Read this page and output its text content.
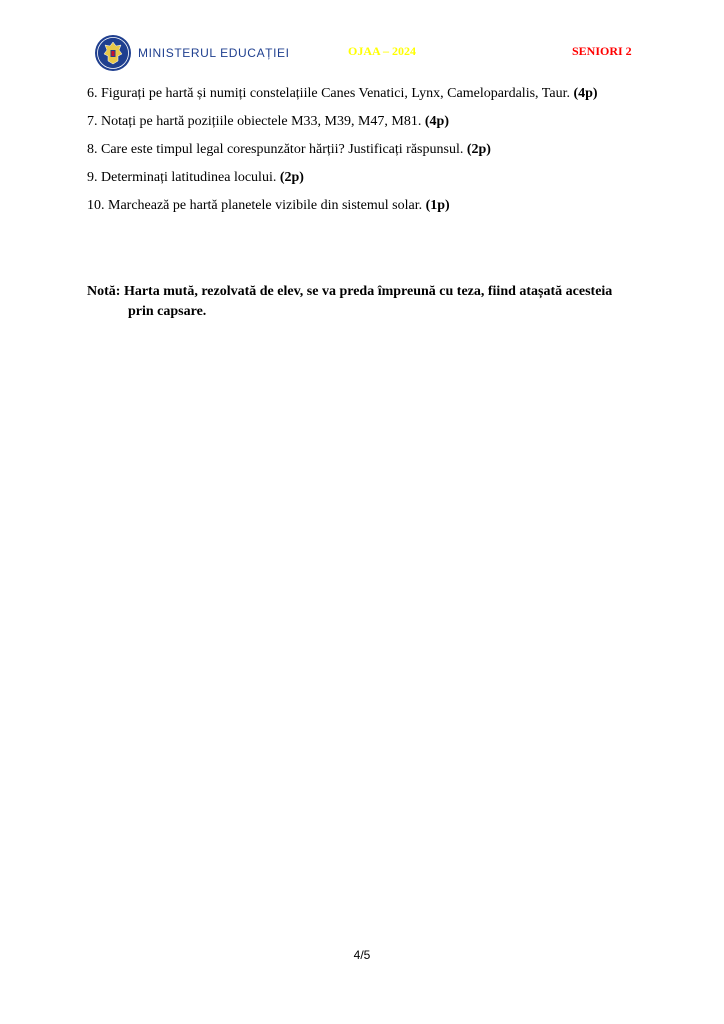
MINISTERUL EDUCAȚIEI	OJAA – 2024	SENIORI 2
6. Figurați pe hartă și numiți constelațiile Canes Venatici, Lynx, Camelopardalis, Taur. (4p)
7. Notați pe hartă pozițiile obiectele M33, M39, M47, M81. (4p)
8. Care este timpul legal corespunzător hărții? Justificați răspunsul. (2p)
9. Determinați latitudinea locului. (2p)
10. Marchează pe hartă planetele vizibile din sistemul solar. (1p)
Notă: Harta mută, rezolvată de elev, se va preda împreună cu teza, fiind atașată acesteia
prin capsare.
4/5
